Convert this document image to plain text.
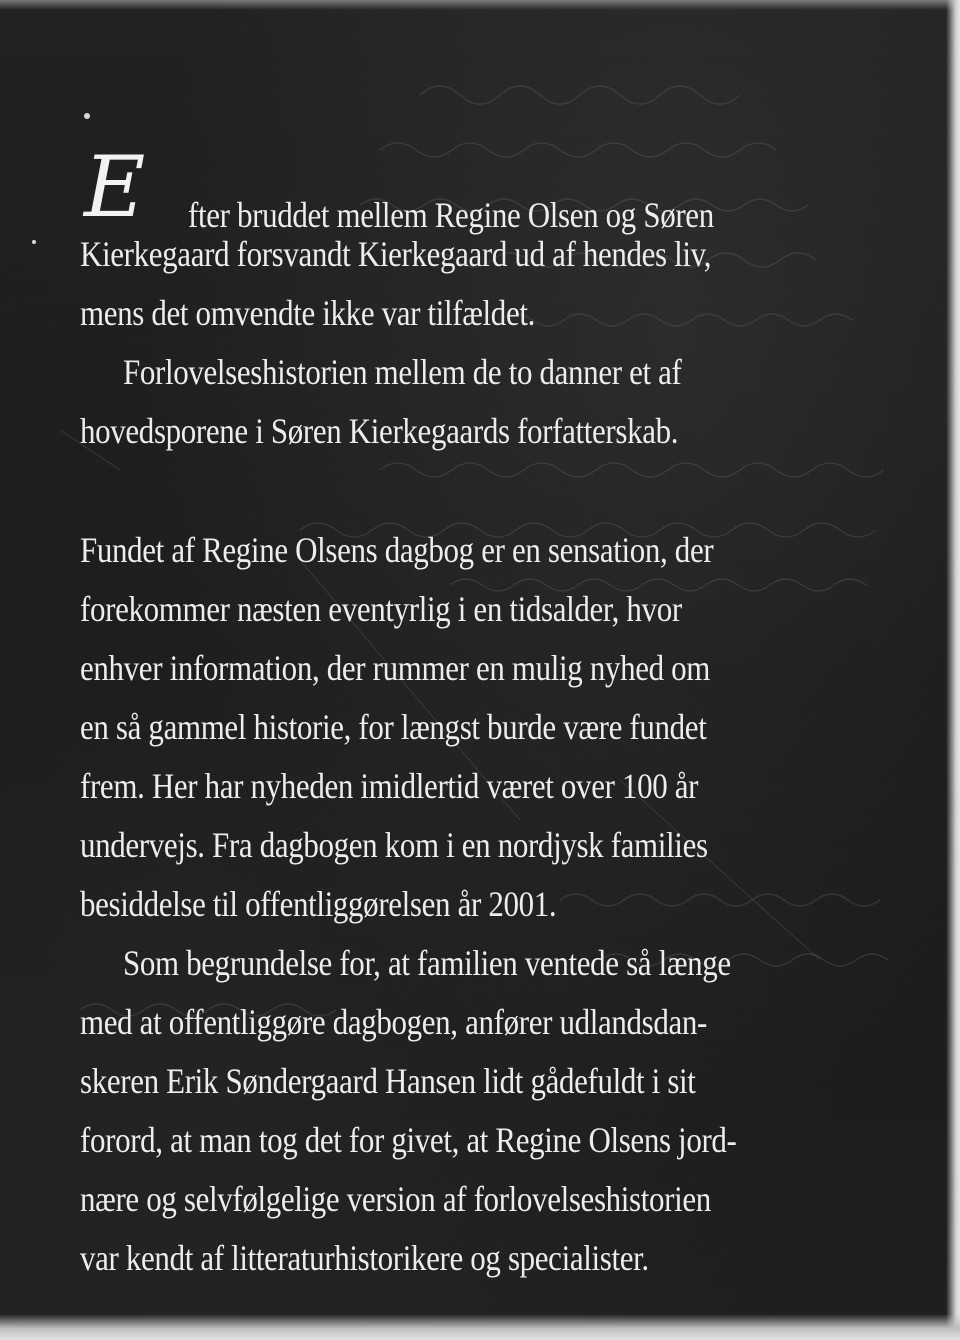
E fter bruddet mellem Regine Olsen og Søren
Kierkegaard forsvandt Kierkegaard ud af hendes liv,
mens det omvendte ikke var tilfældet.
Forlovelseshistorien mellem de to danner et af
hovedsporene i Søren Kierkegaards forfatterskab.
Fundet af Regine Olsens dagbog er en sensation, der
forekommer næsten eventyrlig i en tidsalder, hvor
enhver information, der rummer en mulig nyhed om
en så gammel historie, for længst burde være fundet
frem. Her har nyheden imidlertid været over 100 år
undervejs. Fra dagbogen kom i en nordjysk families
besiddelse til offentliggørelsen år 2001.
Som begrundelse for, at familien ventede så længe
med at offentliggøre dagbogen, anfører udlandsdan-
skeren Erik Søndergaard Hansen lidt gådefuldt i sit
forord, at man tog det for givet, at Regine Olsens jord-
nære og selvfølgelige version af forlovelseshistorien
var kendt af litteraturhistorikere og specialister.
